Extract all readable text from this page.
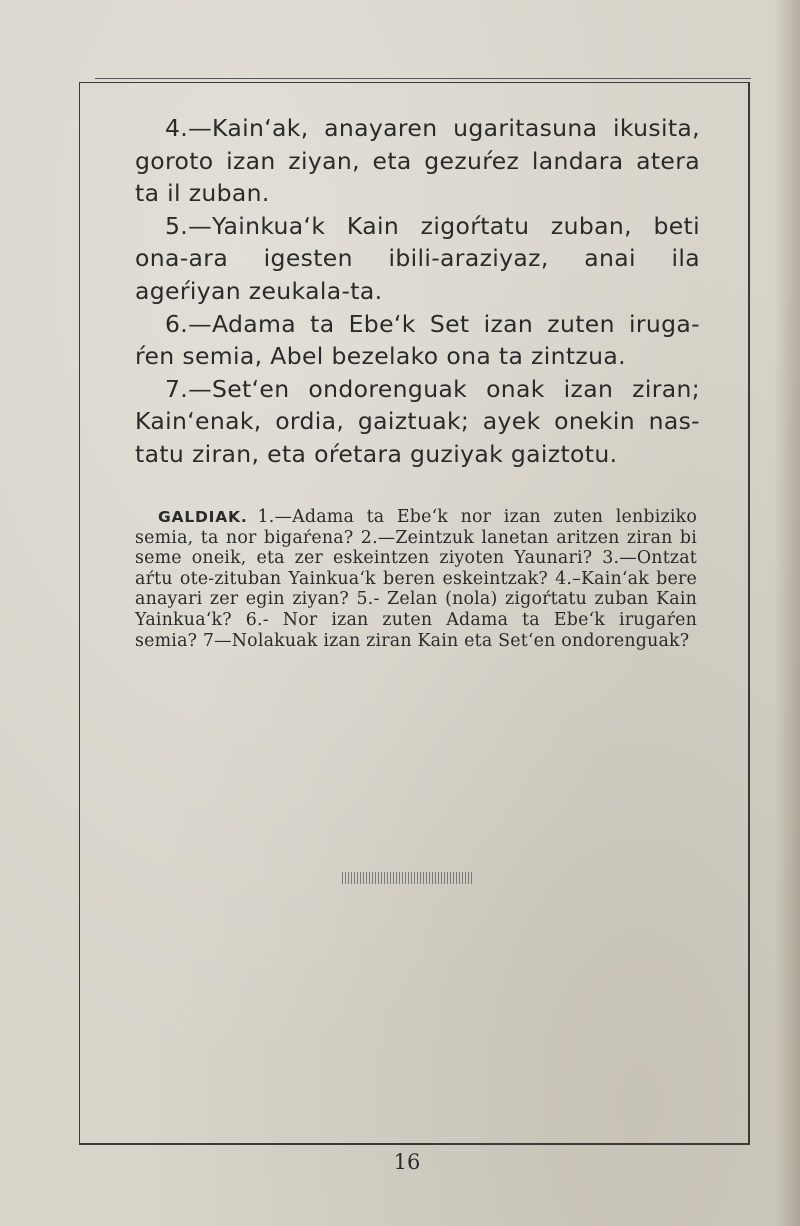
4.—Kain‘ak, anayaren ugaritasuna ikusita, goroto izan ziyan, eta gezuŕez landara atera ta il zuban.

5.—Yainkua‘k Kain zigoŕtatu zuban, beti ona-ara igesten ibili-araziyaz, anai ila ageŕiyan zeukala-ta.

6.—Adama ta Ebe‘k Set izan zuten iruga-ŕen semia, Abel bezelako ona ta zintzua.

7.—Set‘en ondorenguak onak izan ziran; Kain‘enak, ordia, gaiztuak; ayek onekin nas-tatu ziran, eta oŕetara guziyak gaiztotu.

GALDIAK. 1.—Adama ta Ebe‘k nor izan zuten lenbiziko semia, ta nor bigaŕena? 2.—Zeintzuk lanetan aritzen ziran bi seme oneik, eta zer eskeintzen ziyoten Yaunari? 3.—Ontzat aŕtu ote-zituban Yainkua‘k beren eskeintzak? 4.–Kain‘ak bere anayari zer egin ziyan? 5.- Zelan (nola) zigoŕtatu zuban Kain Yainkua‘k? 6.- Nor izan zuten Adama ta Ebe‘k irugaŕen semia? 7—Nolakuak izan ziran Kain eta Set‘en ondorenguak?
16
